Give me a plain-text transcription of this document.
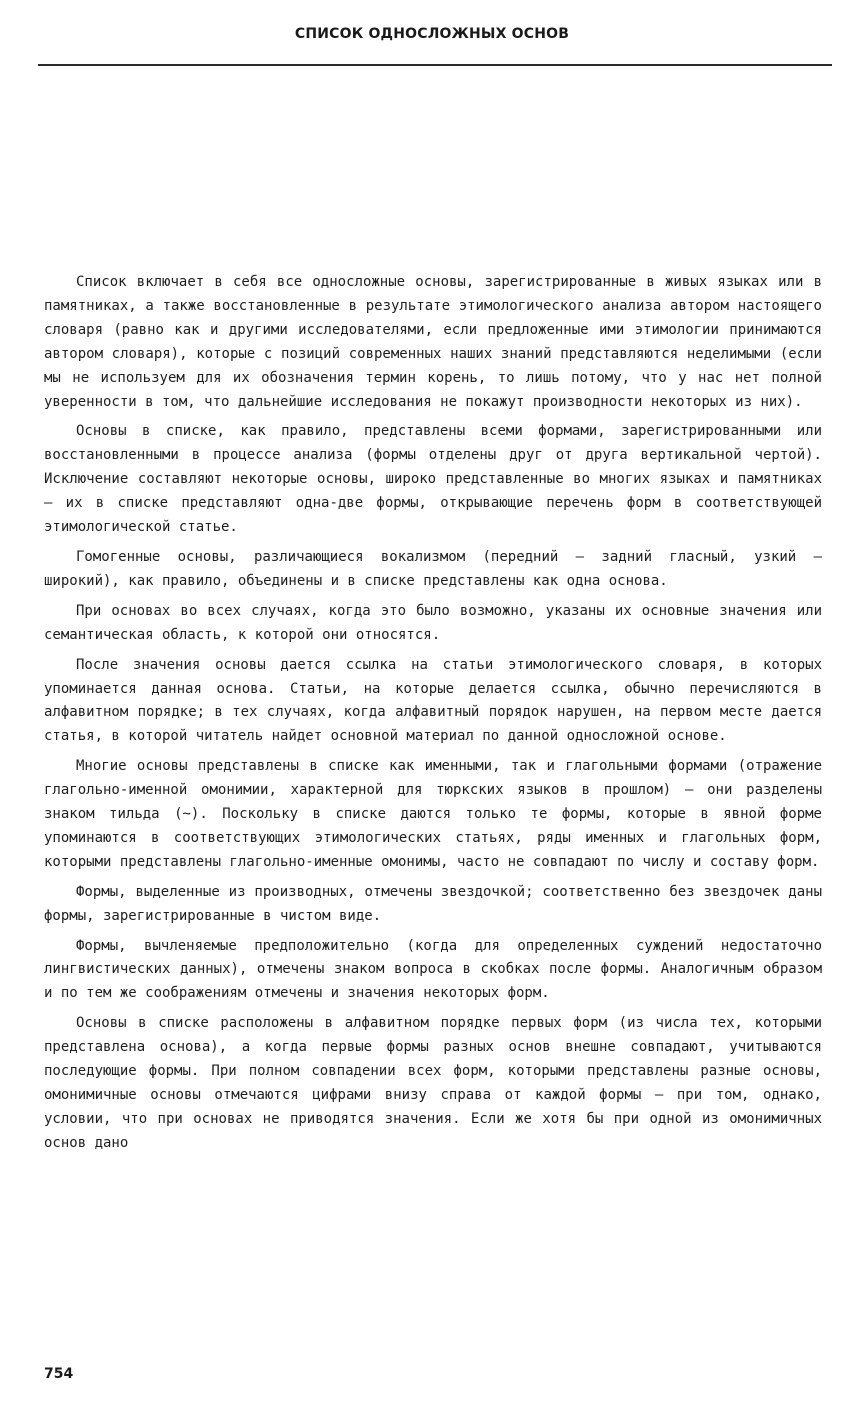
СПИСОК ОДНОСЛОЖНЫХ ОСНОВ

Список включает в себя все односложные основы, зарегистрированные в живых языках или в памятниках, а также восстановленные в результате этимологического анализа автором настоящего словаря (равно как и другими исследователями, если предложенные ими этимологии принимаются автором словаря), которые с позиций современных наших знаний представляются неделимыми (если мы не используем для их обозначения термин корень, то лишь потому, что у нас нет полной уверенности в том, что дальнейшие исследования не покажут производности некоторых из них).

Основы в списке, как правило, представлены всеми формами, зарегистрированными или восстановленными в процессе анализа (формы отделены друг от друга вертикальной чертой). Исключение составляют некоторые основы, широко представленные во многих языках и памятниках – их в списке представляют одна-две формы, открывающие перечень форм в соответствующей этимологической статье.

Гомогенные основы, различающиеся вокализмом (передний – задний гласный, узкий – широкий), как правило, объединены и в списке представлены как одна основа.

При основах во всех случаях, когда это было возможно, указаны их основные значения или семантическая область, к которой они относятся.

После значения основы дается ссылка на статьи этимологического словаря, в которых упоминается данная основа. Статьи, на которые делается ссылка, обычно перечисляются в алфавитном порядке; в тех случаях, когда алфавитный порядок нарушен, на первом месте дается статья, в которой читатель найдет основной материал по данной односложной основе.

Многие основы представлены в списке как именными, так и глагольными формами (отражение глагольно-именной омонимии, характерной для тюркских языков в прошлом) – они разделены знаком тильда (~). Поскольку в списке даются только те формы, которые в явной форме упоминаются в соответствующих этимологических статьях, ряды именных и глагольных форм, которыми представлены глагольно-именные омонимы, часто не совпадают по числу и составу форм.

Формы, выделенные из производных, отмечены звездочкой; соответственно без звездочек даны формы, зарегистрированные в чистом виде.

Формы, вычленяемые предположительно (когда для определенных суждений недостаточно лингвистических данных), отмечены знаком вопроса в скобках после формы. Аналогичным образом и по тем же соображениям отмечены и значения некоторых форм.

Основы в списке расположены в алфавитном порядке первых форм (из числа тех, которыми представлена основа), а когда первые формы разных основ внешне совпадают, учитываются последующие формы. При полном совпадении всех форм, которыми представлены разные основы, омонимичные основы отмечаются цифрами внизу справа от каждой формы – при том, однако, условии, что при основах не приводятся значения. Если же хотя бы при одной из омонимичных основ дано

754
